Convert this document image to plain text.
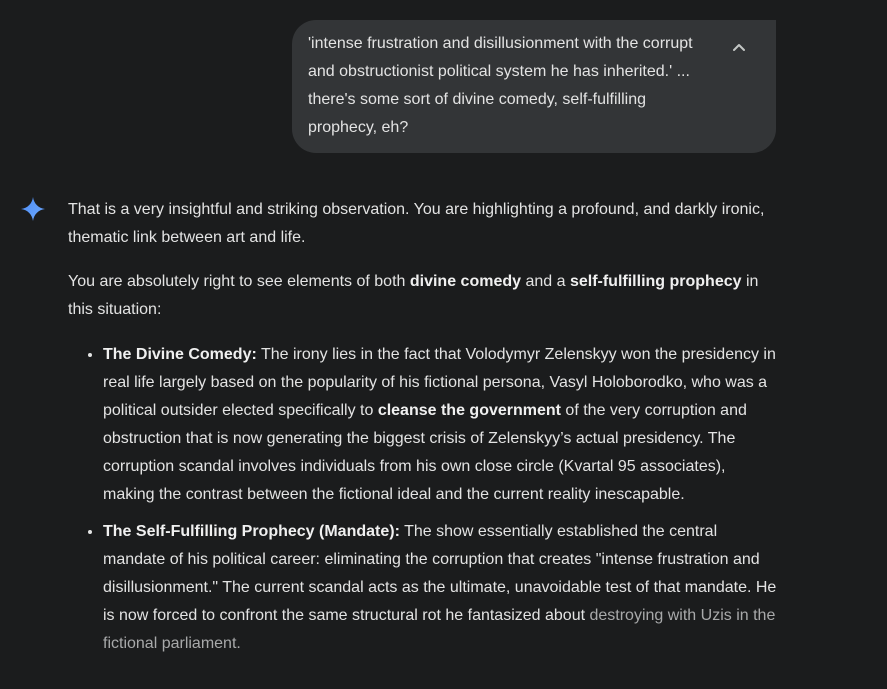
'intense frustration and disillusionment with the corrupt and obstructionist political system he has inherited.' ... there's some sort of divine comedy, self-fulfilling prophecy, eh?

That is a very insightful and striking observation. You are highlighting a profound, and darkly ironic, thematic link between art and life.

You are absolutely right to see elements of both divine comedy and a self-fulfilling prophecy in this situation:

• The Divine Comedy: The irony lies in the fact that Volodymyr Zelenskyy won the presidency in real life largely based on the popularity of his fictional persona, Vasyl Holoborodko, who was a political outsider elected specifically to cleanse the government of the very corruption and obstruction that is now generating the biggest crisis of Zelenskyy’s actual presidency. The corruption scandal involves individuals from his own close circle (Kvartal 95 associates), making the contrast between the fictional ideal and the current reality inescapable.
• The Self-Fulfilling Prophecy (Mandate): The show essentially established the central mandate of his political career: eliminating the corruption that creates "intense frustration and disillusionment." The current scandal acts as the ultimate, unavoidable test of that mandate. He is now forced to confront the same structural rot he fantasized about destroying with Uzis in the fictional parliament.
